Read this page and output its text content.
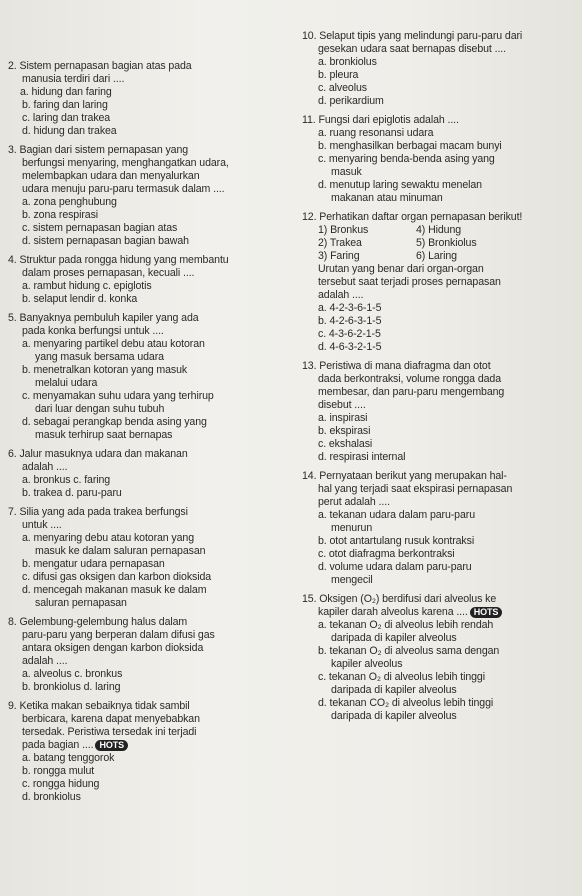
2. Sistem pernapasan bagian atas pada
manusia terdiri dari ....
a. hidung dan faring
b. faring dan laring
c. laring dan trakea
d. hidung dan trakea
3. Bagian dari sistem pernapasan yang
berfungsi menyaring, menghangatkan udara,
melembapkan udara dan menyalurkan
udara menuju paru-paru termasuk dalam ....
a. zona penghubung
b. zona respirasi
c. sistem pernapasan bagian atas
d. sistem pernapasan bagian bawah
4. Struktur pada rongga hidung yang membantu
dalam proses pernapasan, kecuali ....
a. rambut hidung c. epiglotis
b. selaput lendir d. konka
5. Banyaknya pembuluh kapiler yang ada
pada konka berfungsi untuk ....
a. menyaring partikel debu atau kotoran
yang masuk bersama udara
b. menetralkan kotoran yang masuk
melalui udara
c. menyamakan suhu udara yang terhirup
dari luar dengan suhu tubuh
d. sebagai perangkap benda asing yang
masuk terhirup saat bernapas
6. Jalur masuknya udara dan makanan
adalah ....
a. bronkus c. faring
b. trakea d. paru-paru
7. Silia yang ada pada trakea berfungsi
untuk ....
a. menyaring debu atau kotoran yang
masuk ke dalam saluran pernapasan
b. mengatur udara pernapasan
c. difusi gas oksigen dan karbon dioksida
d. mencegah makanan masuk ke dalam
saluran pernapasan
8. Gelembung-gelembung halus dalam
paru-paru yang berperan dalam difusi gas
antara oksigen dengan karbon dioksida
adalah ....
a. alveolus c. bronkus
b. bronkiolus d. laring
9. Ketika makan sebaiknya tidak sambil
berbicara, karena dapat menyebabkan
tersedak. Peristiwa tersedak ini terjadi
pada bagian .... HOTS
a. batang tenggorok
b. rongga mulut
c. rongga hidung
d. bronkiolus
10. Selaput tipis yang melindungi paru-paru dari
gesekan udara saat bernapas disebut ....
a. bronkiolus
b. pleura
c. alveolus
d. perikardium
11. Fungsi dari epiglotis adalah ....
a. ruang resonansi udara
b. menghasilkan berbagai macam bunyi
c. menyaring benda-benda asing yang
masuk
d. menutup laring sewaktu menelan
makanan atau minuman
12. Perhatikan daftar organ pernapasan berikut!
1) Bronkus	4) Hidung
2) Trakea	5) Bronkiolus
3) Faring	6) Laring
Urutan yang benar dari organ-organ
tersebut saat terjadi proses pernapasan
adalah ....
a. 4-2-3-6-1-5
b. 4-2-6-3-1-5
c. 4-3-6-2-1-5
d. 4-6-3-2-1-5
13. Peristiwa di mana diafragma dan otot
dada berkontraksi, volume rongga dada
membesar, dan paru-paru mengembang
disebut ....
a. inspirasi
b. ekspirasi
c. ekshalasi
d. respirasi internal
14. Pernyataan berikut yang merupakan hal-
hal yang terjadi saat ekspirasi pernapasan
perut adalah ....
a. tekanan udara dalam paru-paru
menurun
b. otot antartulang rusuk kontraksi
c. otot diafragma berkontraksi
d. volume udara dalam paru-paru
mengecil
15. Oksigen (O₂) berdifusi dari alveolus ke
kapiler darah alveolus karena .... HOTS
a. tekanan O₂ di alveolus lebih rendah
daripada di kapiler alveolus
b. tekanan O₂ di alveolus sama dengan
kapiler alveolus
c. tekanan O₂ di alveolus lebih tinggi
daripada di kapiler alveolus
d. tekanan CO₂ di alveolus lebih tinggi
daripada di kapiler alveolus
